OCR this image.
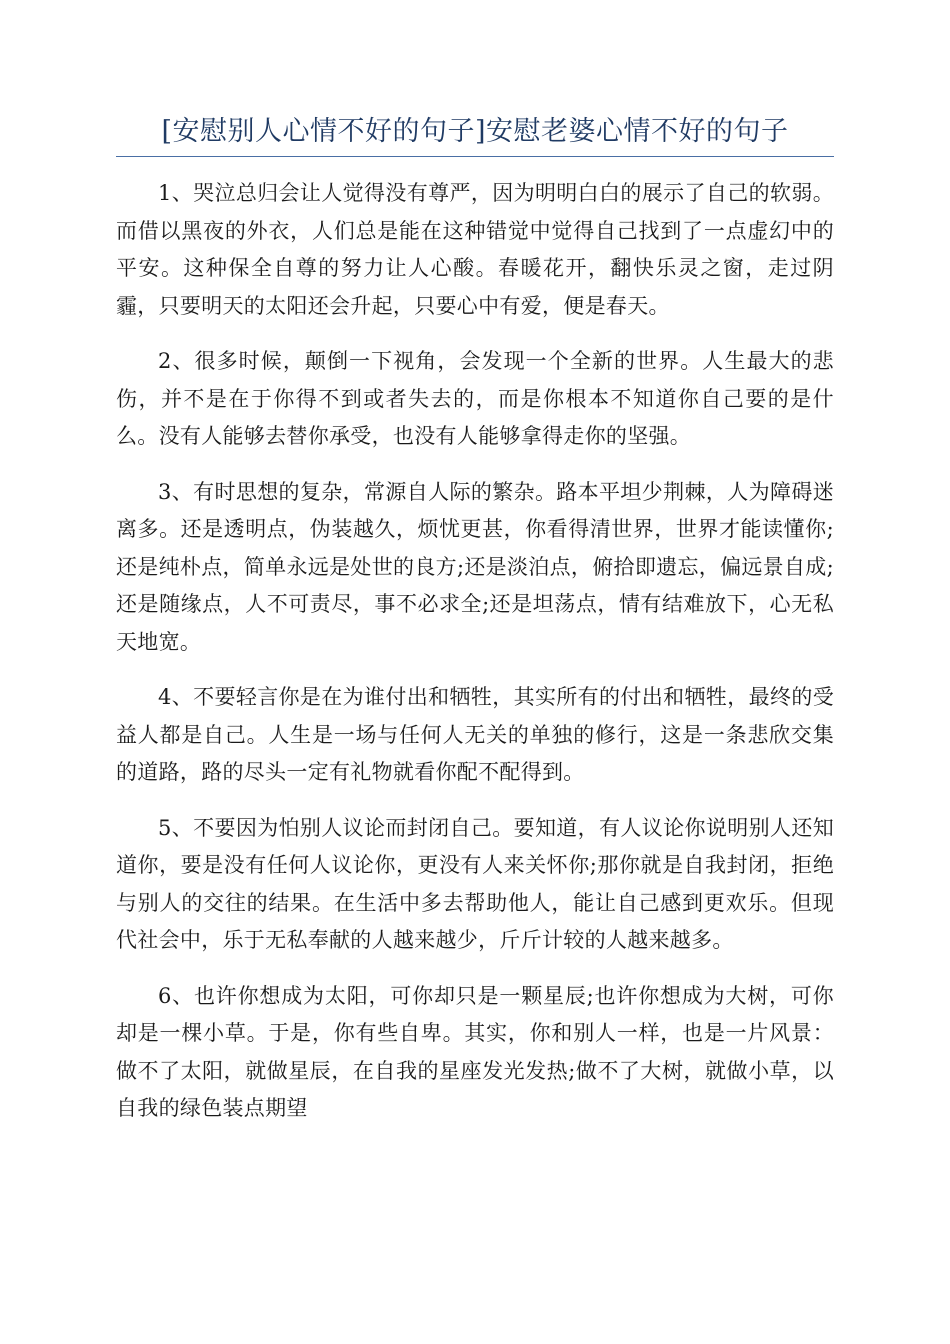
[安慰别人心情不好的句子]安慰老婆心情不好的句子

1、哭泣总归会让人觉得没有尊严，因为明明白白的展示了自己的软弱。而借以黑夜的外衣，人们总是能在这种错觉中觉得自己找到了一点虚幻中的平安。这种保全自尊的努力让人心酸。春暖花开，翻快乐灵之窗，走过阴霾，只要明天的太阳还会升起，只要心中有爱，便是春天。

2、很多时候，颠倒一下视角，会发现一个全新的世界。人生最大的悲伤，并不是在于你得不到或者失去的，而是你根本不知道你自己要的是什么。没有人能够去替你承受，也没有人能够拿得走你的坚强。

3、有时思想的复杂，常源自人际的繁杂。路本平坦少荆棘，人为障碍迷离多。还是透明点，伪装越久，烦忧更甚，你看得清世界，世界才能读懂你;还是纯朴点，简单永远是处世的良方;还是淡泊点，俯拾即遗忘，偏远景自成;还是随缘点，人不可责尽，事不必求全;还是坦荡点，情有结难放下，心无私天地宽。

4、不要轻言你是在为谁付出和牺牲，其实所有的付出和牺牲，最终的受益人都是自己。人生是一场与任何人无关的单独的修行，这是一条悲欣交集的道路，路的尽头一定有礼物就看你配不配得到。

5、不要因为怕别人议论而封闭自己。要知道，有人议论你说明别人还知道你，要是没有任何人议论你，更没有人来关怀你;那你就是自我封闭，拒绝与别人的交往的结果。在生活中多去帮助他人，能让自己感到更欢乐。但现代社会中，乐于无私奉献的人越来越少，斤斤计较的人越来越多。

6、也许你想成为太阳，可你却只是一颗星辰;也许你想成为大树，可你却是一棵小草。于是，你有些自卑。其实，你和别人一样，也是一片风景：做不了太阳，就做星辰，在自我的星座发光发热;做不了大树，就做小草，以自我的绿色装点期望
